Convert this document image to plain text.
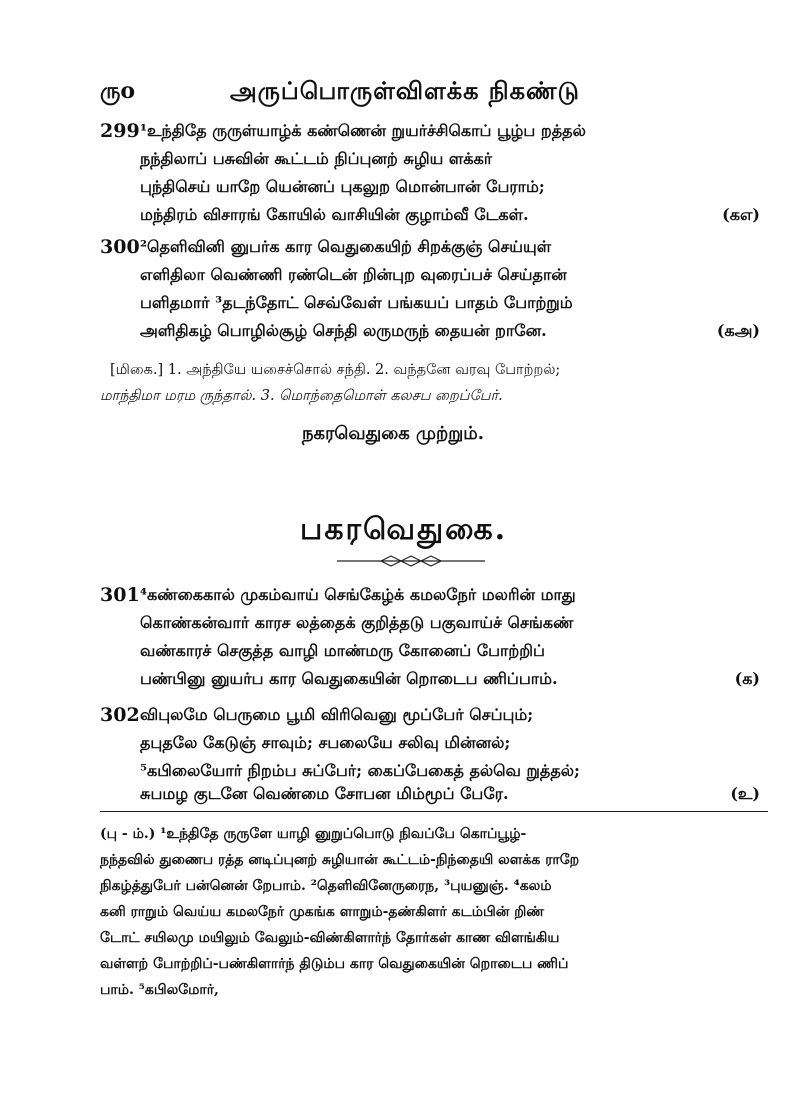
ருo	அருப்பொருள்விளக்க நிகண்டு
299 ¹உந்திதே ருருள்யாழ்க் கண்ணென் றுயர்ச்சிகொப் பூழ்ப றத்தல்
நந்திலாப் பசுவின் கூட்டம் நிப்புனற் சுழிய ளக்கர்
புந்திசெய் யாறே யென்னப் புகலுற மொன்பான் பேராம்;
மந்திரம் விசாரங் கோயில் வாசியின் குழாம்வீ டேகள்.	(கஎ)
300 ²தெளிவினி னுபர்க கார வெதுகையிற் சிறக்குஞ் செய்யுள்
எளிதிலா வெண்ணி ரண்டென் றின்புற வுரைப்பச் செய்தான்
பளிதமார் ³தடந்தோட் செவ்வேள் பங்கயப் பாதம் போற்றும்
அளிதிகழ் பொழில்சூழ் செந்தி லருமருந் தையன் றானே.	(கஅ)
[மிகை.] 1. அந்தியே யசைச்சொல் சந்தி. 2. வந்தனே வரவு போற்றல்;
மாந்திமா மரம ருந்தால். 3. மொந்தைமொள் கலசப றைப்பேர்.
நகரவெதுகை முற்றும்.
பகரவெதுகை.
301 ⁴கண்கைகால் முகம்வாய் செங்கேழ்க் கமலநேர் மலரின் மாது
கொண்கன்வார் காரச லத்தைக் குறித்தடு பகுவாய்ச் செங்கண்
வண்காரச் செகுத்த வாழி மாண்மரு கோனைப் போற்றிப்
பண்பினு னுயர்ப கார வெதுகையின் றொடைப ணிப்பாம்.	(க)
302 விபுலமே பெருமை பூமி விரிவெனு மூப்பேர் செப்பும்;
தபுதலே கேடுஞ் சாவும்; சபலையே சலிவு மின்னல்;
⁵கபிலையோர் நிறம்ப சுப்பேர்; கைப்பேகைத் தல்வெ றுத்தல்;
சுபமழ குடனே வெண்மை சோபன மிம்மூப் பேரே.	(உ)
(பு - ம்.) ¹உந்திதே ருருளே யாழி னுறுப்பொடு நிவப்பே கொப்பூழ்-
நந்தவில் துணைப ரத்த னடிப்புனற் சுழியான் கூட்டம்-நிந்தையி லளக்க ராறே
நிகழ்த்துபேர் பன்னென் றேபாம். ²தெளிவினேருரைந, ³புயனுஞ். ⁴கலம்
கனி ராறும் வெய்ய கமலநேர் முகங்க ளாறும்-தண்கிளர் கடம்பின் றிண்
டோட் சயிலமு மயிலும் வேலும்-விண்கிளார்ந் தோர்கள் காண விளங்கிய
வள்ளற் போற்றிப்-பண்கிளார்ந் திடும்ப கார வெதுகையின் றொடைப ணிப்
பாம். ⁵கபிலமோர்,
